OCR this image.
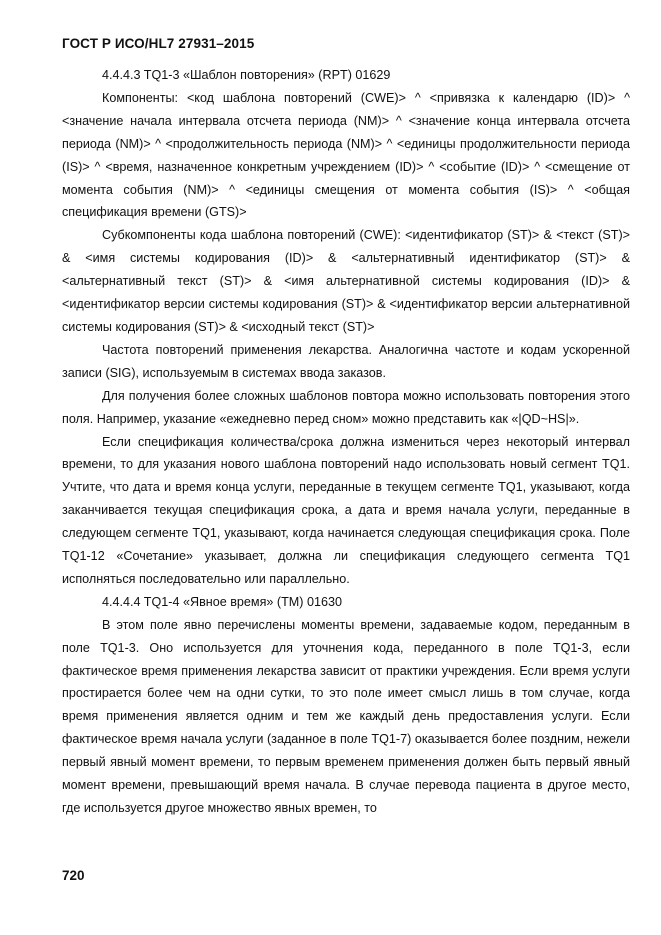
ГОСТ Р ИСО/HL7 27931–2015

4.4.4.3 TQ1-3 «Шаблон повторения» (RPT) 01629

Компоненты: <код шаблона повторений (CWE)> ^ <привязка к календарю (ID)> ^ <значение начала интервала отсчета периода (NM)> ^ <значение конца интервала отсчета периода (NM)> ^ <продолжительность периода (NM)> ^ <единицы продолжительности периода (IS)> ^ <время, назначенное конкретным учреждением (ID)> ^ <событие (ID)> ^ <смещение от момента события (NM)> ^ <единицы смещения от момента события (IS)> ^ <общая спецификация времени (GTS)>

Субкомпоненты кода шаблона повторений (CWE): <идентификатор (ST)> & <текст (ST)> & <имя системы кодирования (ID)> & <альтернативный идентификатор (ST)> & <альтернативный текст (ST)> & <имя альтернативной системы кодирования (ID)> & <идентификатор версии системы кодирования (ST)> & <идентификатор версии альтернативной системы кодирования (ST)> & <исходный текст (ST)>

Частота повторений применения лекарства. Аналогична частоте и кодам ускоренной записи (SIG), используемым в системах ввода заказов.

Для получения более сложных шаблонов повтора можно использовать повторения этого поля. Например, указание «ежедневно перед сном» можно представить как «|QD~HS|».

Если спецификация количества/срока должна измениться через некоторый интервал времени, то для указания нового шаблона повторений надо использовать новый сегмент TQ1. Учтите, что дата и время конца услуги, переданные в текущем сегменте TQ1, указывают, когда заканчивается текущая спецификация срока, а дата и время начала услуги, переданные в следующем сегменте TQ1, указывают, когда начинается следующая спецификация срока. Поле TQ1-12 «Сочетание» указывает, должна ли спецификация следующего сегмента TQ1 исполняться последовательно или параллельно.

4.4.4.4 TQ1-4 «Явное время» (TM) 01630

В этом поле явно перечислены моменты времени, задаваемые кодом, переданным в поле TQ1-3. Оно используется для уточнения кода, переданного в поле TQ1-3, если фактическое время применения лекарства зависит от практики учреждения. Если время услуги простирается более чем на одни сутки, то это поле имеет смысл лишь в том случае, когда время применения является одним и тем же каждый день предоставления услуги. Если фактическое время начала услуги (заданное в поле TQ1-7) оказывается более поздним, нежели первый явный момент времени, то первым временем применения должен быть первый явный момент времени, превышающий время начала. В случае перевода пациента в другое место, где используется другое множество явных времен, то

720
